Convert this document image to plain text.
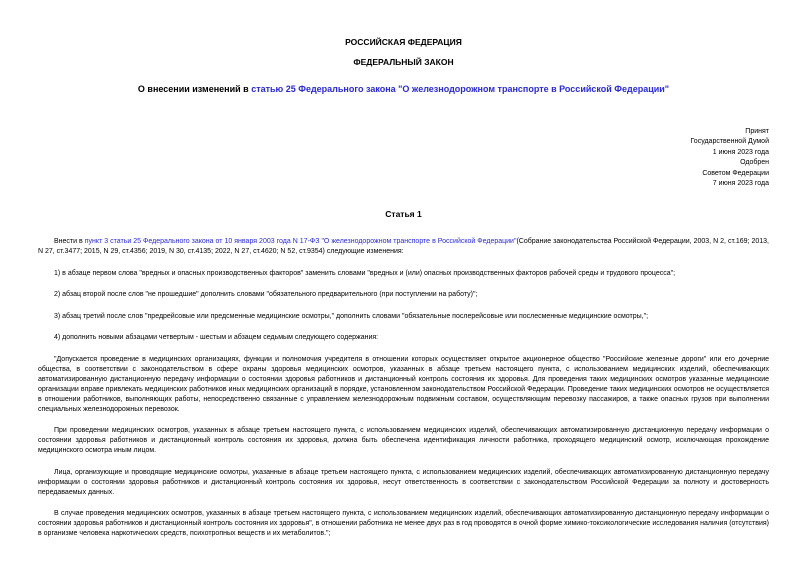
РОССИЙСКАЯ ФЕДЕРАЦИЯ
ФЕДЕРАЛЬНЫЙ ЗАКОН
О внесении изменений в статью 25 Федерального закона "О железнодорожном транспорте в Российской Федерации"
Принят
Государственной Думой
1 июня 2023 года
Одобрен
Советом Федерации
7 июня 2023 года
Статья 1

Внести в пункт 3 статьи 25 Федерального закона от 10 января 2003 года N 17-ФЗ "О железнодорожном транспорте в Российской Федерации"(Собрание законодательства Российской Федерации, 2003, N 2, ст.169; 2013, N 27, ст.3477; 2015, N 29, ст.4356; 2019, N 30, ст.4135; 2022, N 27, ст.4620; N 52, ст.9354) следующие изменения:

1) в абзаце первом слова "вредных и опасных производственных факторов" заменить словами "вредных и (или) опасных производственных факторов рабочей среды и трудового процесса";

2) абзац второй после слов "не прошедшие" дополнить словами "обязательного предварительного (при поступлении на работу)";

3) абзац третий после слов "предрейсовые или предсменные медицинские осмотры," дополнить словами "обязательные послерейсовые или послесменные медицинские осмотры,";

4) дополнить новыми абзацами четвертым - шестым и абзацем седьмым следующего содержания:

"Допускается проведение в медицинских организациях, функции и полномочия учредителя в отношении которых осуществляет открытое акционерное общество "Российские железные дороги" или его дочерние общества, в соответствии с законодательством в сфере охраны здоровья медицинских осмотров, указанных в абзаце третьем настоящего пункта, с использованием медицинских изделий, обеспечивающих автоматизированную дистанционную передачу информации о состоянии здоровья работников и дистанционный контроль состояния их здоровья. Для проведения таких медицинских осмотров указанные медицинские организации вправе привлекать медицинских работников иных медицинских организаций в порядке, установленном законодательством Российской Федерации. Проведение таких медицинских осмотров не осуществляется в отношении работников, выполняющих работы, непосредственно связанные с управлением железнодорожным подвижным составом, осуществляющим перевозку пассажиров, а также опасных грузов при выполнении специальных железнодорожных перевозок.

При проведении медицинских осмотров, указанных в абзаце третьем настоящего пункта, с использованием медицинских изделий, обеспечивающих автоматизированную дистанционную передачу информации о состоянии здоровья работников и дистанционный контроль состояния их здоровья, должна быть обеспечена идентификация личности работника, проходящего медицинский осмотр, исключающая прохождение медицинского осмотра иным лицом.

Лица, организующие и проводящие медицинские осмотры, указанные в абзаце третьем настоящего пункта, с использованием медицинских изделий, обеспечивающих автоматизированную дистанционную передачу информации о состоянии здоровья работников и дистанционный контроль состояния их здоровья, несут ответственность в соответствии с законодательством Российской Федерации за полноту и достоверность передаваемых данных.

В случае проведения медицинских осмотров, указанных в абзаце третьем настоящего пункта, с использованием медицинских изделий, обеспечивающих автоматизированную дистанционную передачу информации о состоянии здоровья работников и дистанционный контроль состояния их здоровья", в отношении работника не менее двух раз в год проводятся в очной форме химико-токсикологические исследования наличия (отсутствия) в организме человека наркотических средств, психотропных веществ и их метаболитов.";
